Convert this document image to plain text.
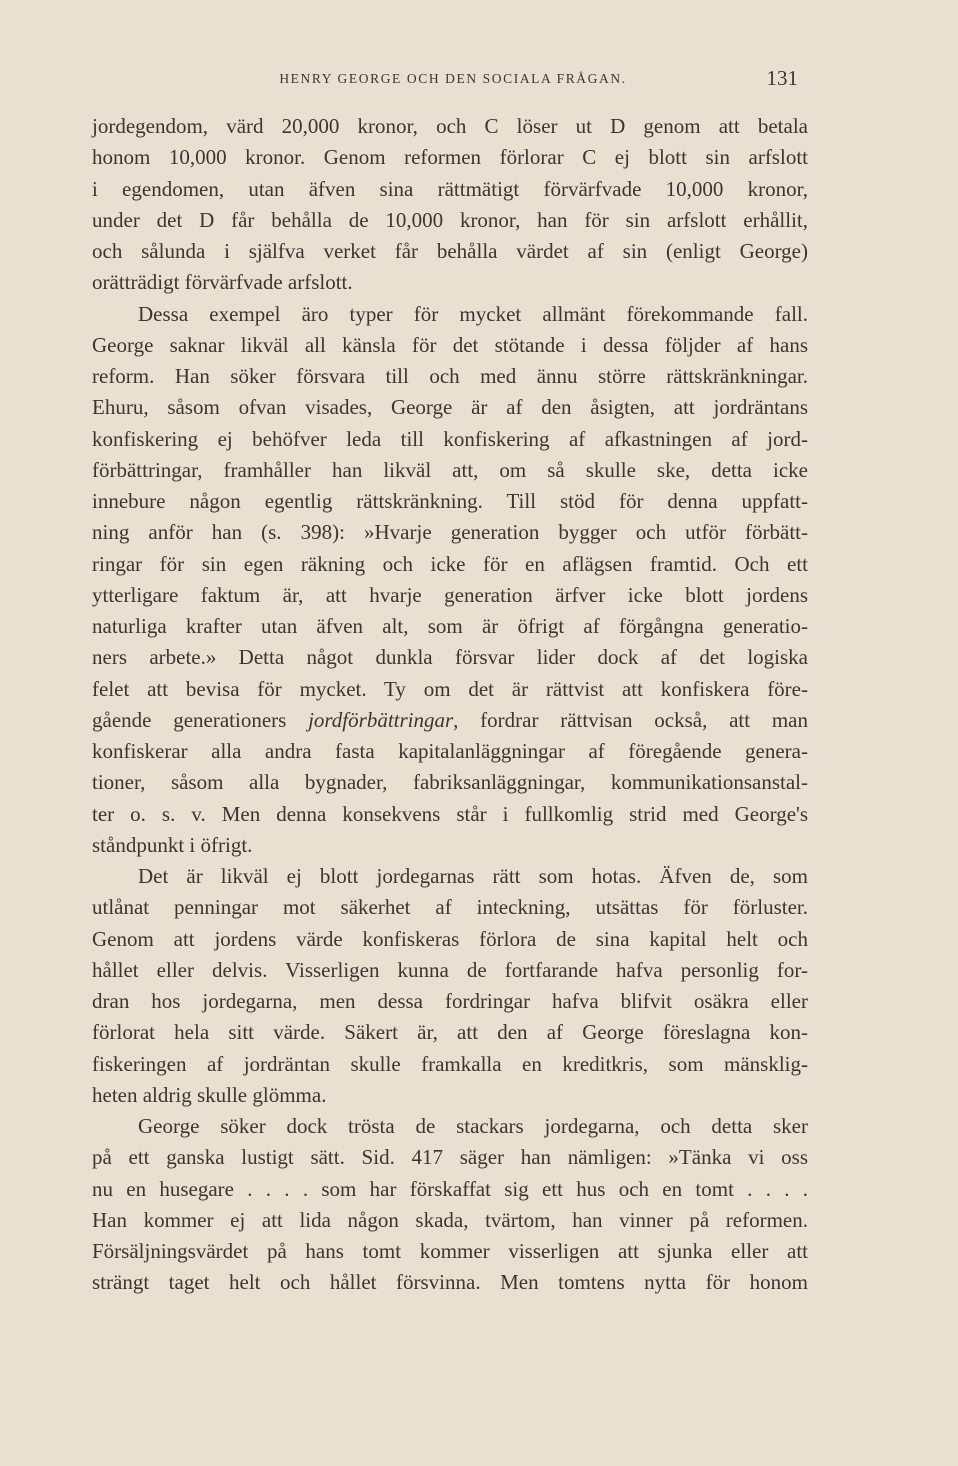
HENRY GEORGE OCH DEN SOCIALA FRÅGAN.	131
jordegendom, värd 20,000 kronor, och C löser ut D genom att betala
honom 10,000 kronor. Genom reformen förlorar C ej blott sin arfslott
i egendomen, utan äfven sina rättmätigt förvärfvade 10,000 kronor,
under det D får behålla de 10,000 kronor, han för sin arfslott erhållit,
och sålunda i själfva verket får behålla värdet af sin (enligt George)
orätträdigt förvärfvade arfslott.
Dessa exempel äro typer för mycket allmänt förekommande fall.
George saknar likväl all känsla för det stötande i dessa följder af hans
reform. Han söker försvara till och med ännu större rättskränkningar.
Ehuru, såsom ofvan visades, George är af den åsigten, att jordräntans
konfiskering ej behöfver leda till konfiskering af afkastningen af jord-
förbättringar, framhåller han likväl att, om så skulle ske, detta icke
innebure någon egentlig rättskränkning. Till stöd för denna uppfatt-
ning anför han (s. 398): »Hvarje generation bygger och utför förbätt-
ringar för sin egen räkning och icke för en aflägsen framtid. Och ett
ytterligare faktum är, att hvarje generation ärfver icke blott jordens
naturliga krafter utan äfven alt, som är öfrigt af förgångna generatio-
ners arbete.» Detta något dunkla försvar lider dock af det logiska
felet att bevisa för mycket. Ty om det är rättvist att konfiskera före-
gående generationers jordförbättringar, fordrar rättvisan också, att man
konfiskerar alla andra fasta kapitalanläggningar af föregående genera-
tioner, såsom alla bygnader, fabriksanläggningar, kommunikationsanstal-
ter o. s. v. Men denna konsekvens står i fullkomlig strid med George's
ståndpunkt i öfrigt.
Det är likväl ej blott jordegarnas rätt som hotas. Äfven de, som
utlånat penningar mot säkerhet af inteckning, utsättas för förluster.
Genom att jordens värde konfiskeras förlora de sina kapital helt och
hållet eller delvis. Visserligen kunna de fortfarande hafva personlig for-
dran hos jordegarna, men dessa fordringar hafva blifvit osäkra eller
förlorat hela sitt värde. Säkert är, att den af George föreslagna kon-
fiskeringen af jordräntan skulle framkalla en kreditkris, som mänsklig-
heten aldrig skulle glömma.
George söker dock trösta de stackars jordegarna, och detta sker
på ett ganska lustigt sätt. Sid. 417 säger han nämligen: »Tänka vi oss
nu en husegare . . . . som har förskaffat sig ett hus och en tomt . . . .
Han kommer ej att lida någon skada, tvärtom, han vinner på reformen.
Försäljningsvärdet på hans tomt kommer visserligen att sjunka eller att
strängt taget helt och hållet försvinna. Men tomtens nytta för honom
